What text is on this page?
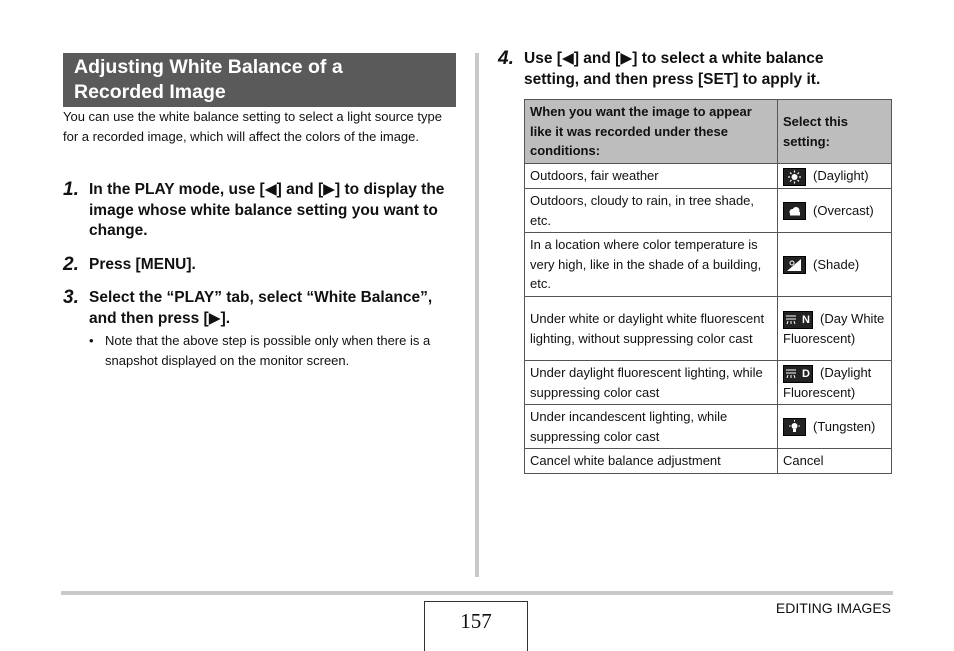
Adjusting White Balance of a
Recorded Image
You can use the white balance setting to select a light source type for a recorded image, which will affect the colors of the image.
1. In the PLAY mode, use [◀] and [▶] to display the image whose white balance setting you want to change.
2. Press [MENU].
3. Select the “PLAY” tab, select “White Balance”, and then press [▶].
• Note that the above step is possible only when there is a snapshot displayed on the monitor screen.
4. Use [◀] and [▶] to select a white balance setting, and then press [SET] to apply it.
When you want the image to appear like it was recorded under these conditions:	Select this setting:
Outdoors, fair weather	(Daylight)
Outdoors, cloudy to rain, in tree shade, etc.	(Overcast)
In a location where color temperature is very high, like in the shade of a building, etc.	(Shade)
Under white or daylight white fluorescent lighting, without suppressing color cast	N (Day White Fluorescent)
Under daylight fluorescent lighting, while suppressing color cast	D (Daylight Fluorescent)
Under incandescent lighting, while suppressing color cast	(Tungsten)
Cancel white balance adjustment	Cancel
157
EDITING IMAGES
